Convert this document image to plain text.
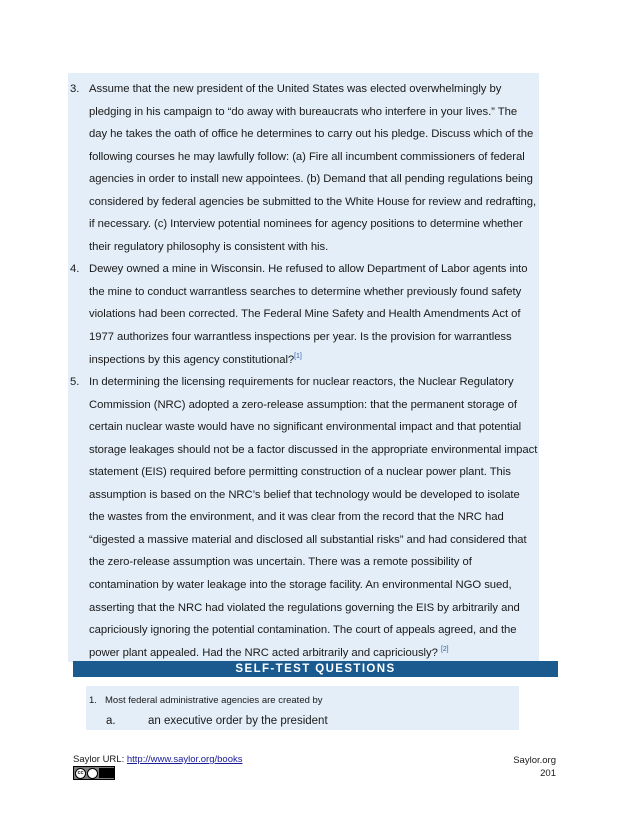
3. Assume that the new president of the United States was elected overwhelmingly by pledging in his campaign to “do away with bureaucrats who interfere in your lives.” The day he takes the oath of office he determines to carry out his pledge. Discuss which of the following courses he may lawfully follow: (a) Fire all incumbent commissioners of federal agencies in order to install new appointees. (b) Demand that all pending regulations being considered by federal agencies be submitted to the White House for review and redrafting, if necessary. (c) Interview potential nominees for agency positions to determine whether their regulatory philosophy is consistent with his.
4. Dewey owned a mine in Wisconsin. He refused to allow Department of Labor agents into the mine to conduct warrantless searches to determine whether previously found safety violations had been corrected. The Federal Mine Safety and Health Amendments Act of 1977 authorizes four warrantless inspections per year. Is the provision for warrantless inspections by this agency constitutional?[1]
5. In determining the licensing requirements for nuclear reactors, the Nuclear Regulatory Commission (NRC) adopted a zero-release assumption: that the permanent storage of certain nuclear waste would have no significant environmental impact and that potential storage leakages should not be a factor discussed in the appropriate environmental impact statement (EIS) required before permitting construction of a nuclear power plant. This assumption is based on the NRC’s belief that technology would be developed to isolate the wastes from the environment, and it was clear from the record that the NRC had “digested a massive material and disclosed all substantial risks” and had considered that the zero-release assumption was uncertain. There was a remote possibility of contamination by water leakage into the storage facility. An environmental NGO sued, asserting that the NRC had violated the regulations governing the EIS by arbitrarily and capriciously ignoring the potential contamination. The court of appeals agreed, and the power plant appealed. Had the NRC acted arbitrarily and capriciously? [2]
SELF-TEST QUESTIONS
1. Most federal administrative agencies are created by
a.	an executive order by the president
Saylor URL: http://www.saylor.org/books
cc
Saylor.org
201
